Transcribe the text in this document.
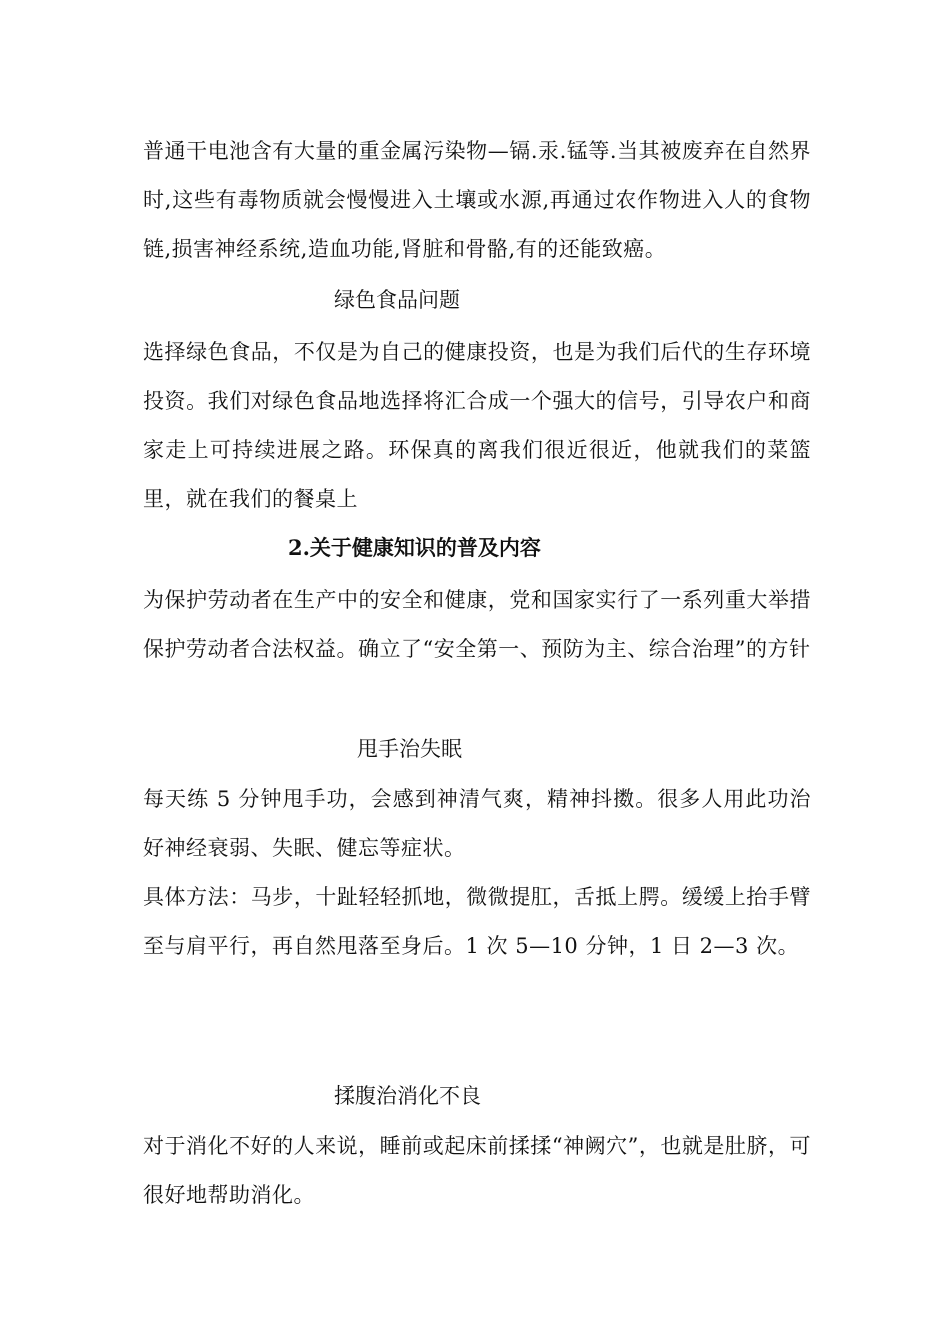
普通干电池含有大量的重金属污染物—镉.汞.锰等.当其被废弃在自然界时,这些有毒物质就会慢慢进入土壤或水源,再通过农作物进入人的食物链,损害神经系统,造血功能,肾脏和骨骼,有的还能致癌。
绿色食品问题
选择绿色食品，不仅是为自己的健康投资，也是为我们后代的生存环境投资。我们对绿色食品地选择将汇合成一个强大的信号，引导农户和商家走上可持续进展之路。环保真的离我们很近很近，他就我们的菜篮里，就在我们的餐桌上
2.关于健康知识的普及内容
为保护劳动者在生产中的安全和健康，党和国家实行了一系列重大举措保护劳动者合法权益。确立了“安全第一、预防为主、综合治理”的方针
甩手治失眠
每天练 5 分钟甩手功，会感到神清气爽，精神抖擞。很多人用此功治好神经衰弱、失眠、健忘等症状。
具体方法：马步，十趾轻轻抓地，微微提肛，舌抵上腭。缓缓上抬手臂至与肩平行，再自然甩落至身后。1 次 5—10 分钟，1 日 2—3 次。
揉腹治消化不良
对于消化不好的人来说，睡前或起床前揉揉“神阙穴”，也就是肚脐，可很好地帮助消化。
